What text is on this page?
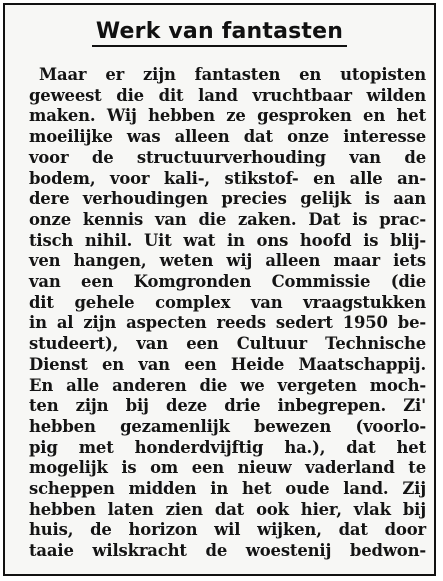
Werk van fantasten
Maar er zijn fantasten en utopisten
geweest die dit land vruchtbaar wilden
maken. Wij hebben ze gesproken en het
moeilijke was alleen dat onze interesse
voor de structuurverhouding van de
bodem, voor kali-, stikstof- en alle an-
dere verhoudingen precies gelijk is aan
onze kennis van die zaken. Dat is prac-
tisch nihil. Uit wat in ons hoofd is blij-
ven hangen, weten wij alleen maar iets
van een Komgronden Commissie (die
dit gehele complex van vraagstukken
in al zijn aspecten reeds sedert 1950 be-
studeert), van een Cultuur Technische
Dienst en van een Heide Maatschappij.
En alle anderen die we vergeten moch-
ten zijn bij deze drie inbegrepen. Zi'
hebben gezamenlijk bewezen (voorlo-
pig met honderdvijftig ha.), dat het
mogelijk is om een nieuw vaderland te
scheppen midden in het oude land. Zij
hebben laten zien dat ook hier, vlak bij
huis, de horizon wil wijken, dat door
taaie wilskracht de woestenij bedwon-
